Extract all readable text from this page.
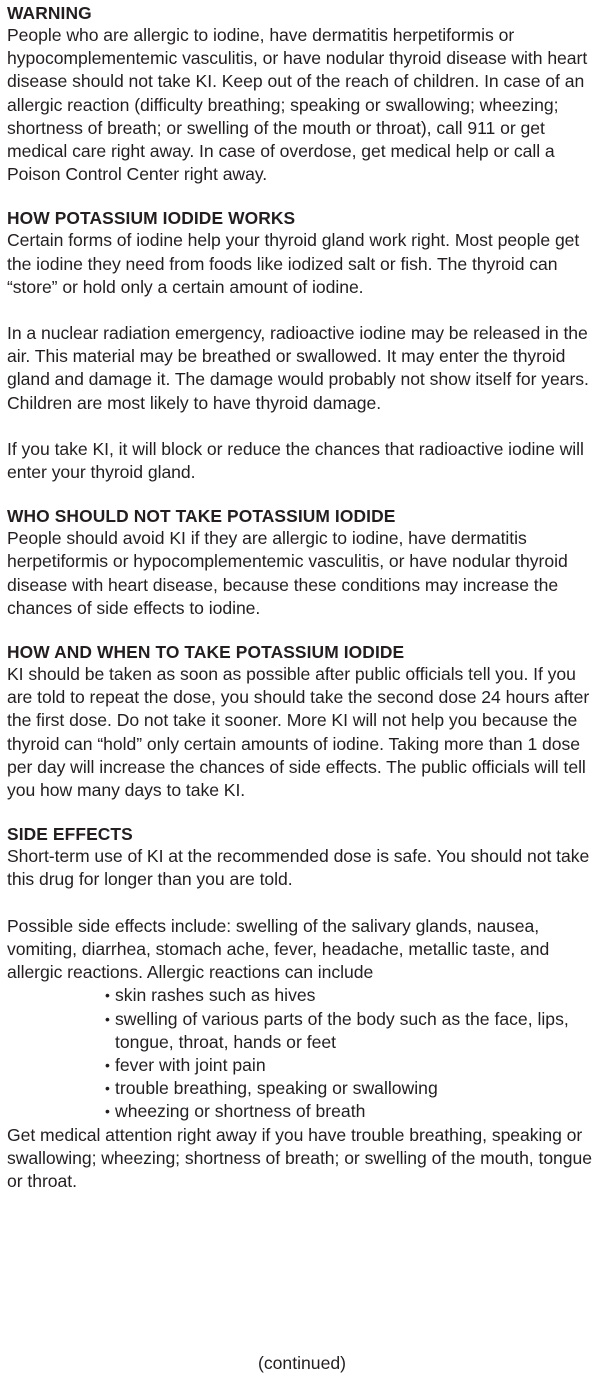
WARNING

People who are allergic to iodine, have dermatitis herpetiformis or hypocomplementemic vasculitis, or have nodular thyroid disease with heart disease should not take KI. Keep out of the reach of children. In case of an allergic reaction (difficulty breathing; speaking or swallowing; wheezing; shortness of breath; or swelling of the mouth or throat), call 911 or get medical care right away. In case of overdose, get medical help or call a Poison Control Center right away.

HOW POTASSIUM IODIDE WORKS

Certain forms of iodine help your thyroid gland work right. Most people get the iodine they need from foods like iodized salt or fish. The thyroid can “store” or hold only a certain amount of iodine.

In a nuclear radiation emergency, radioactive iodine may be released in the air. This material may be breathed or swallowed. It may enter the thyroid gland and damage it. The damage would probably not show itself for years. Children are most likely to have thyroid damage.

If you take KI, it will block or reduce the chances that radioactive iodine will enter your thyroid gland.

WHO SHOULD NOT TAKE POTASSIUM IODIDE

People should avoid KI if they are allergic to iodine, have dermatitis herpetiformis or hypocomplementemic vasculitis, or have nodular thyroid disease with heart disease, because these conditions may increase the chances of side effects to iodine.

HOW AND WHEN TO TAKE POTASSIUM IODIDE

KI should be taken as soon as possible after public officials tell you. If you are told to repeat the dose, you should take the second dose 24 hours after the first dose. Do not take it sooner. More KI will not help you because the thyroid can “hold” only certain amounts of iodine. Taking more than 1 dose per day will increase the chances of side effects. The public officials will tell you how many days to take KI.

SIDE EFFECTS

Short-term use of KI at the recommended dose is safe. You should not take this drug for longer than you are told.

Possible side effects include: swelling of the salivary glands, nausea, vomiting, diarrhea, stomach ache, fever, headache, metallic taste, and allergic reactions. Allergic reactions can include

• skin rashes such as hives
• swelling of various parts of the body such as the face, lips, tongue, throat, hands or feet
• fever with joint pain
• trouble breathing, speaking or swallowing
• wheezing or shortness of breath

Get medical attention right away if you have trouble breathing, speaking or swallowing; wheezing; shortness of breath; or swelling of the mouth, tongue or throat.

(continued)
